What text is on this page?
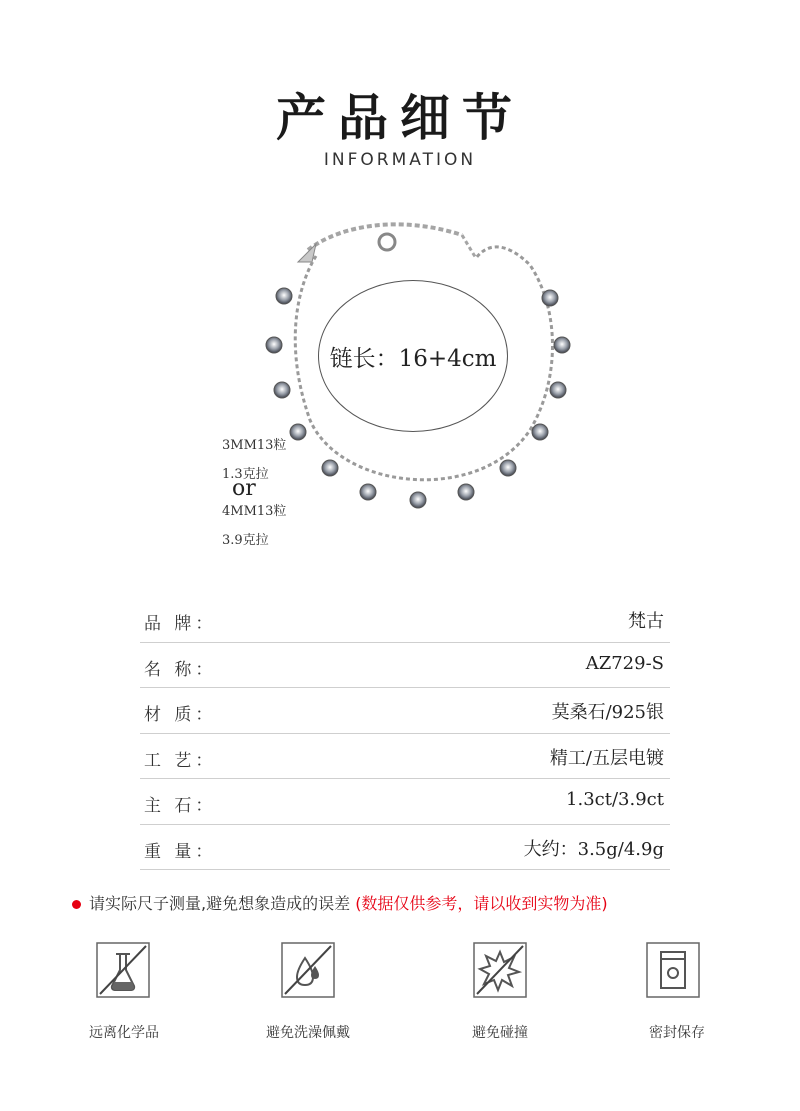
产品细节
INFORMATION
链长：16+4cm
3MM13粒
1.3克拉
or
4MM13粒
3.9克拉
品 牌：	梵古
名 称：	AZ729-S
材 质：	莫桑石/925银
工 艺：	精工/五层电镀
主 石：	1.3ct/3.9ct
重 量：	大约：3.5g/4.9g
请实际尺子测量,避免想象造成的误差 (数据仅供参考，请以收到实物为准)
远离化学品	避免洗澡佩戴	避免碰撞	密封保存
